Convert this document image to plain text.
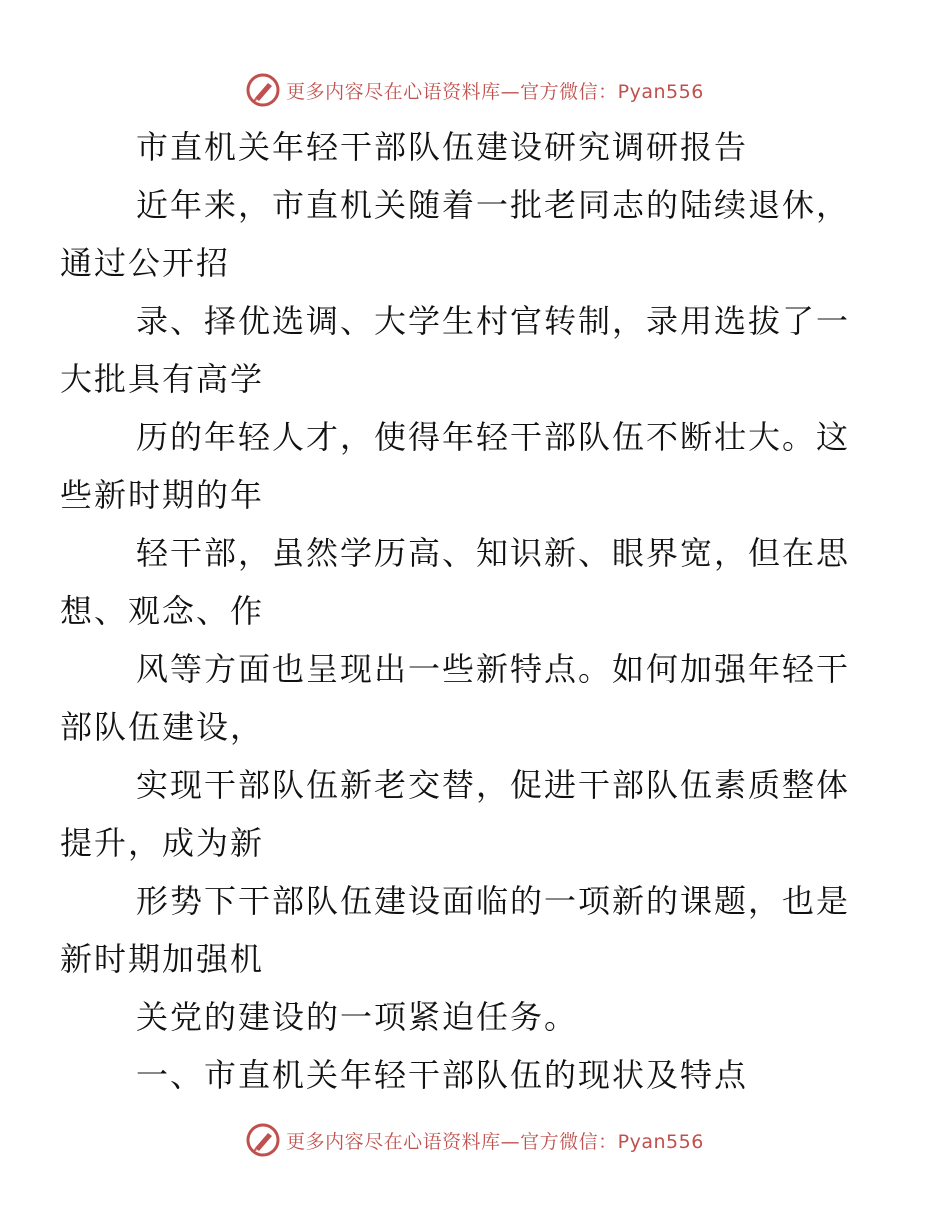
更多内容尽在心语资料库—官方微信：Pyan556

市直机关年轻干部队伍建设研究调研报告

近年来，市直机关随着一批老同志的陆续退休，
通过公开招

录、择优选调、大学生村官转制，录用选拔了一
大批具有高学

历的年轻人才，使得年轻干部队伍不断壮大。这
些新时期的年

轻干部，虽然学历高、知识新、眼界宽，但在思
想、观念、作

风等方面也呈现出一些新特点。如何加强年轻干
部队伍建设，

实现干部队伍新老交替，促进干部队伍素质整体
提升，成为新

形势下干部队伍建设面临的一项新的课题，也是
新时期加强机

关党的建设的一项紧迫任务。

一、市直机关年轻干部队伍的现状及特点

更多内容尽在心语资料库—官方微信：Pyan556
